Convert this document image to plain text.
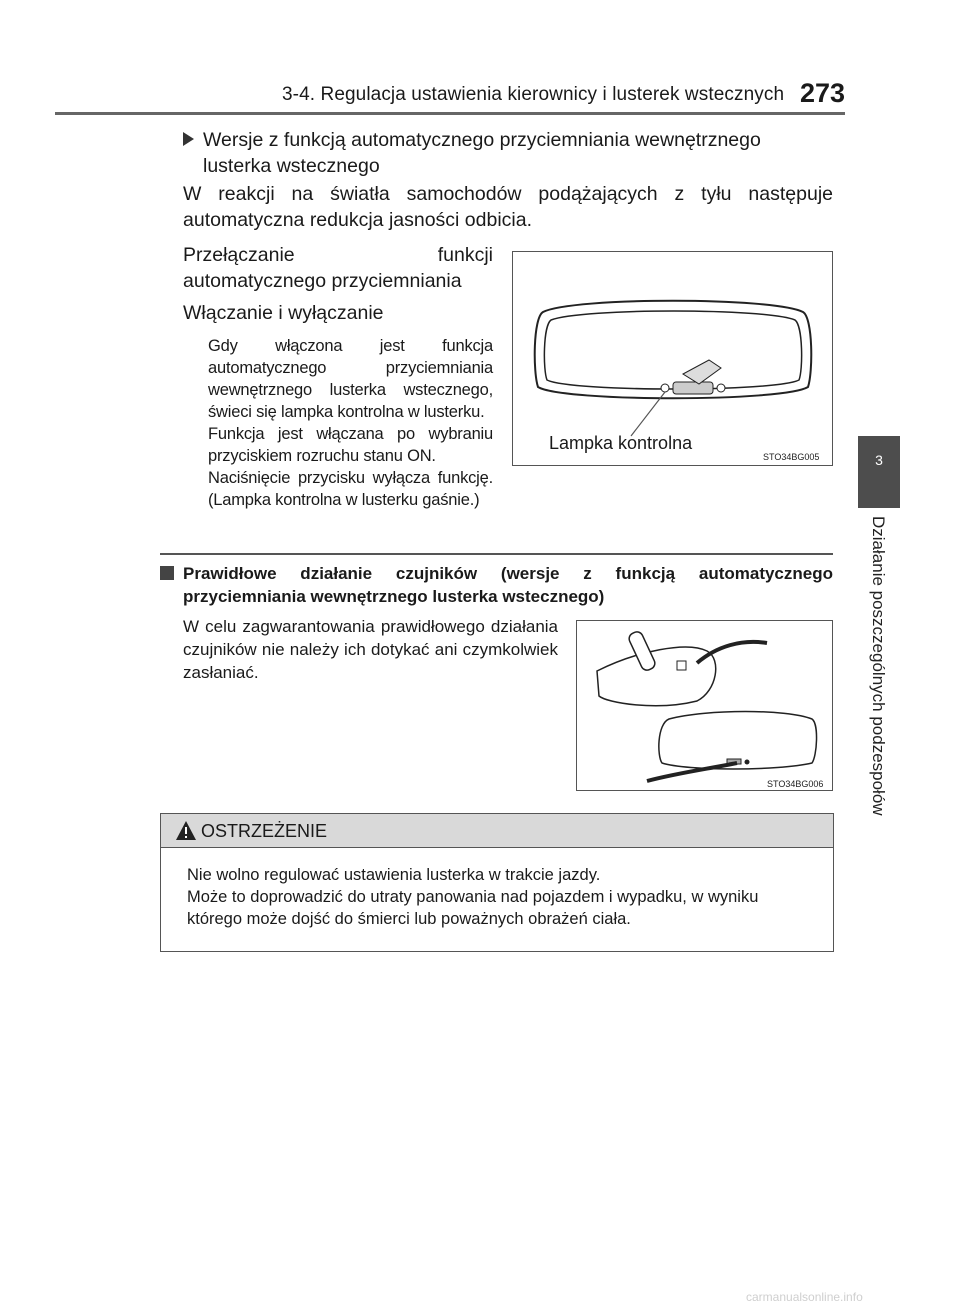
3-4. Regulacja ustawienia kierownicy i lusterek wstecznych 273
3
Działanie poszczególnych podzespołów
Wersje z funkcją automatycznego przyciemniania wewnętrznego lusterka wstecznego
W reakcji na światła samochodów podążających z tyłu następuje automatyczna redukcja jasności odbicia.
Przełączanie funkcji automatycznego przyciemniania
Włączanie i wyłączanie

Gdy włączona jest funkcja automatycznego przyciemniania wewnętrznego lusterka wstecznego, świeci się lampka kontrolna w lusterku.

Funkcja jest włączana po wybraniu przyciskiem rozruchu stanu ON.

Naciśnięcie przycisku wyłącza funkcję. (Lampka kontrolna w lusterku gaśnie.)

STO34BG005
Lampka kontrolna
Prawidłowe działanie czujników (wersje z funkcją automatycznego przyciemniania wewnętrznego lusterka wstecznego)
W celu zagwarantowania prawidłowego działania czujników nie należy ich dotykać ani czymkolwiek zasłaniać.
STO34BG006
OSTRZEŻENIE

Nie wolno regulować ustawienia lusterka w trakcie jazdy.

Może to doprowadzić do utraty panowania nad pojazdem i wypadku, w wyniku którego może dojść do śmierci lub poważnych obrażeń ciała.

carmanualsonline.info
